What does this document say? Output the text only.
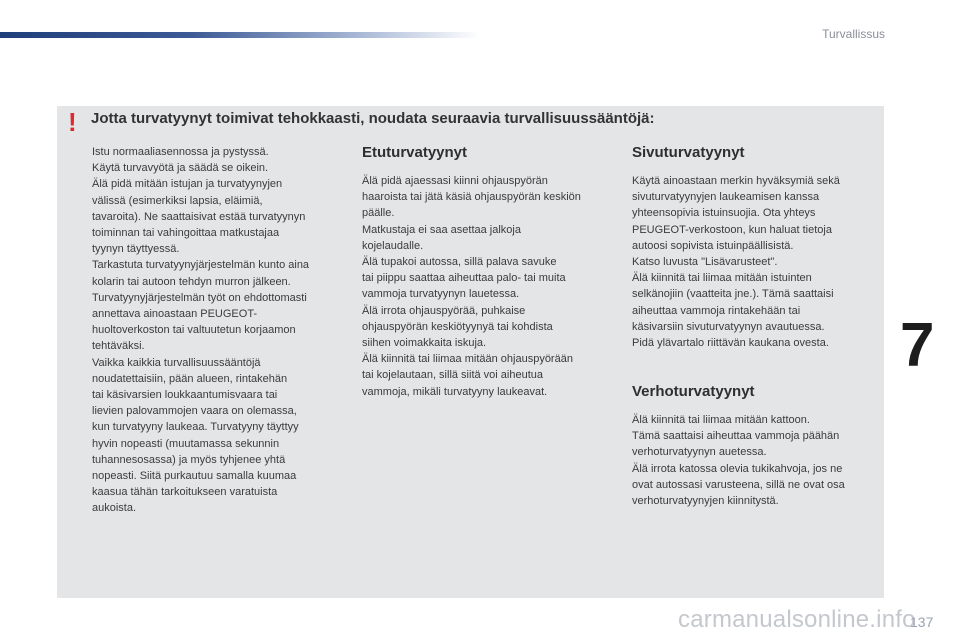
Turvallissus
! Jotta turvatyynyt toimivat tehokkaasti, noudata seuraavia turvallisuussääntöjä:

Istu normaaliasennossa ja pystyssä.

Käytä turvavyötä ja säädä se oikein.

Älä pidä mitään istujan ja turvatyynyjen

välissä (esimerkiksi lapsia, eläimiä,

tavaroita). Ne saattaisivat estää turvatyynyn

toiminnan tai vahingoittaa matkustajaa

tyynyn täyttyessä.

Tarkastuta turvatyynyjärjestelmän kunto aina

kolarin tai autoon tehdyn murron jälkeen.

Turvatyynyjärjestelmän työt on ehdottomasti

annettava ainoastaan PEUGEOT-

huoltoverkoston tai valtuutetun korjaamon

tehtäväksi.

Vaikka kaikkia turvallisuussääntöjä

noudatettaisiin, pään alueen, rintakehän

tai käsivarsien loukkaantumisvaara tai

lievien palovammojen vaara on olemassa,

kun turvatyyny laukeaa. Turvatyyny täyttyy

hyvin nopeasti (muutamassa sekunnin

tuhannesosassa) ja myös tyhjenee yhtä

nopeasti. Siitä purkautuu samalla kuumaa

kaasua tähän tarkoitukseen varatuista

aukoista.

Etuturvatyynyt

Älä pidä ajaessasi kiinni ohjauspyörän

haaroista tai jätä käsiä ohjauspyörän keskiön

päälle.

Matkustaja ei saa asettaa jalkoja

kojelaudalle.

Älä tupakoi autossa, sillä palava savuke

tai piippu saattaa aiheuttaa palo- tai muita

vammoja turvatyynyn lauetessa.

Älä irrota ohjauspyörää, puhkaise

ohjauspyörän keskiötyynyä tai kohdista

siihen voimakkaita iskuja.

Älä kiinnitä tai liimaa mitään ohjauspyörään

tai kojelautaan, sillä siitä voi aiheutua

vammoja, mikäli turvatyyny laukeavat.

Sivuturvatyynyt

Käytä ainoastaan merkin hyväksymiä sekä

sivuturvatyynyjen laukeamisen kanssa

yhteensopivia istuinsuojia. Ota yhteys

PEUGEOT-verkostoon, kun haluat tietoja

autoosi sopivista istuinpäällisistä.

Katso luvusta "Lisävarusteet".

Älä kiinnitä tai liimaa mitään istuinten

selkänojiin (vaatteita jne.). Tämä saattaisi

aiheuttaa vammoja rintakehään tai

käsivarsiin sivuturvatyynyn avautuessa.

Pidä ylävartalo riittävän kaukana ovesta.

Verhoturvatyynyt

Älä kiinnitä tai liimaa mitään kattoon.

Tämä saattaisi aiheuttaa vammoja päähän

verhoturvatyynyn auetessa.

Älä irrota katossa olevia tukikahvoja, jos ne

ovat autossasi varusteena, sillä ne ovat osa

verhoturvatyynyjen kiinnitystä.

7
137
carmanualsonline.info
